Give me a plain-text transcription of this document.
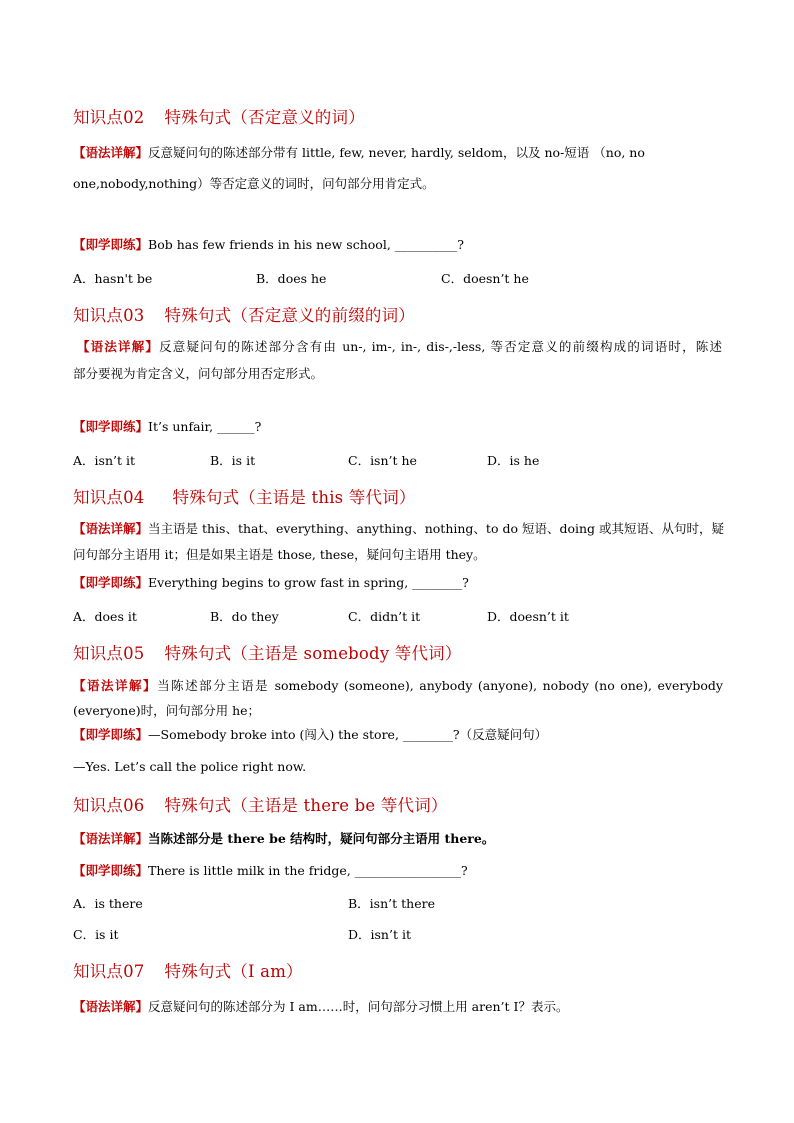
知识点02 特殊句式（否定意义的词）
【语法详解】反意疑问句的陈述部分带有 little, few, never, hardly, seldom，以及 no-短语 （no, no
one,nobody,nothing）等否定意义的词时，问句部分用肯定式。
【即学即练】Bob has few friends in his new school, __________?
A．hasn't be	B．does he	C．doesn’t he
知识点03 特殊句式（否定意义的前缀的词）
【语法详解】反意疑问句的陈述部分含有由 un-, im-, in-, dis-,-less, 等否定意义的前缀构成的词语时，陈述
部分要视为肯定含义，问句部分用否定形式。
【即学即练】It’s unfair, ______?
A．isn’t it	B．is it	C．isn’t he	D．is he
知识点04 特殊句式（主语是 this 等代词）
【语法详解】当主语是 this、that、everything、anything、nothing、to do 短语、doing 或其短语、从句时，疑
问句部分主语用 it；但是如果主语是 those, these，疑问句主语用 they。
【即学即练】Everything begins to grow fast in spring, ________?
A．does it	B．do they	C．didn’t it	D．doesn’t it
知识点05 特殊句式（主语是 somebody 等代词）
【语法详解】当陈述部分主语是 somebody (someone), anybody (anyone), nobody (no one), everybody
(everyone)时，问句部分用 he；
【即学即练】—Somebody broke into (闯入) the store, ________?（反意疑问句）
—Yes. Let’s call the police right now.
知识点06 特殊句式（主语是 there be 等代词）
【语法详解】当陈述部分是 there be 结构时，疑问句部分主语用 there。
【即学即练】There is little milk in the fridge, _________________?
A．is there	B．isn’t there
C．is it	D．isn’t it
知识点07 特殊句式（I am）
【语法详解】反意疑问句的陈述部分为 I am……时，问句部分习惯上用 aren’t I？表示。
